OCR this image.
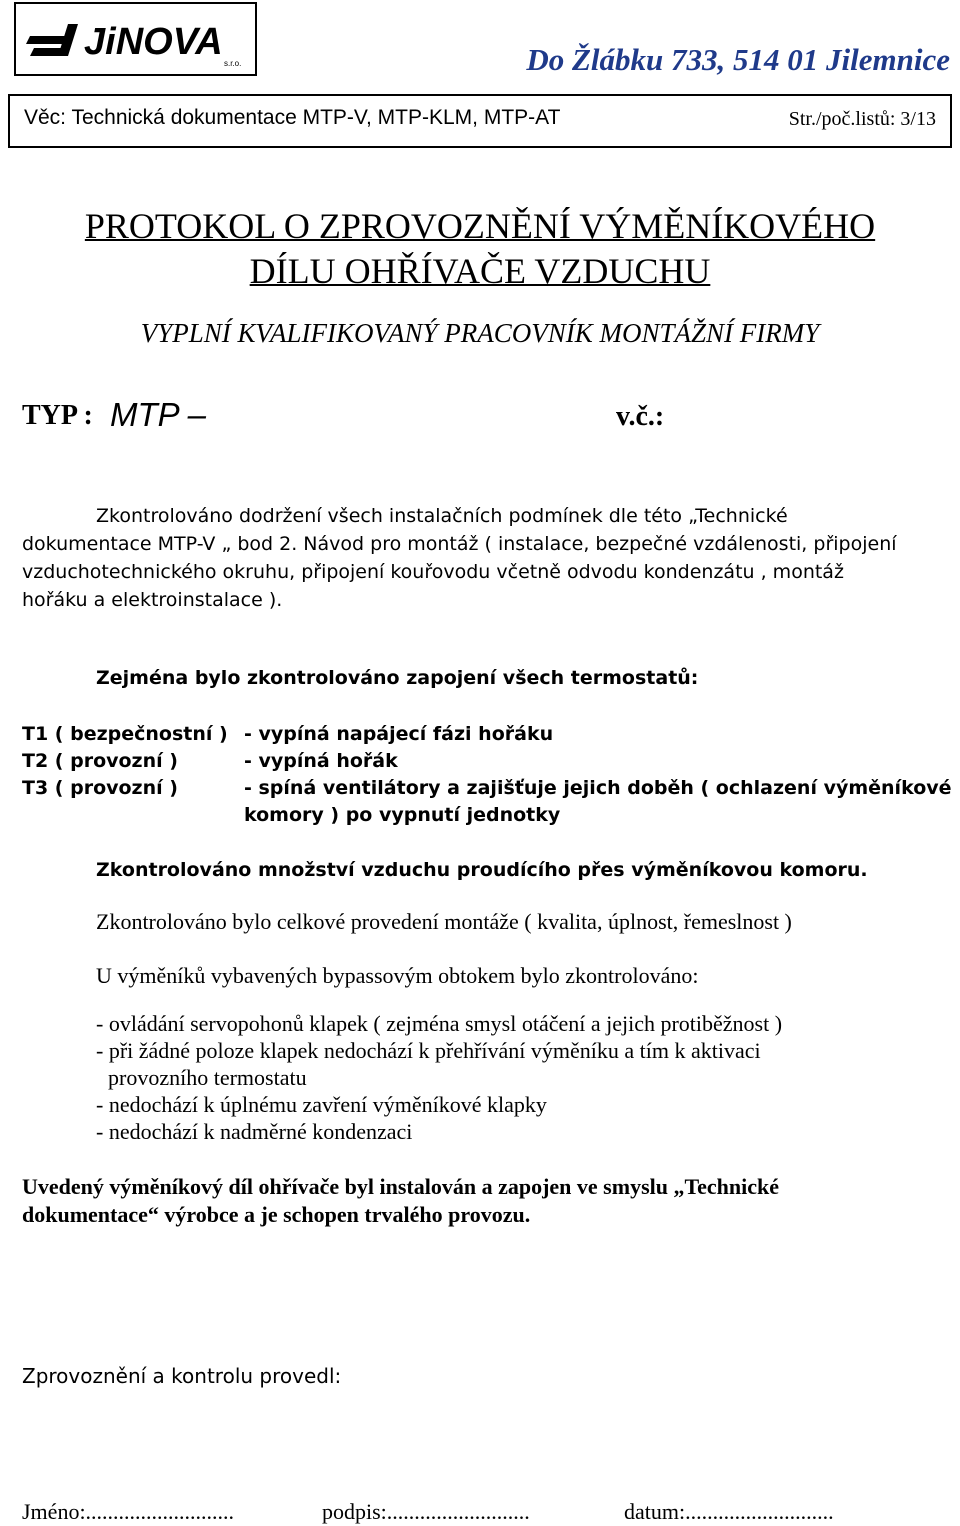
JiNOVA
s.r.o.	Do Žlábku 733, 514 01 Jilemnice
Věc: Technická dokumentace MTP-V, MTP-KLM, MTP-AT	Str./poč.listů: 3/13
PROTOKOL O ZPROVOZNĚNÍ VÝMĚNÍKOVÉHO
DÍLU OHŘÍVAČE VZDUCHU
VYPLNÍ KVALIFIKOVANÝ PRACOVNÍK MONTÁŽNÍ FIRMY
TYP : MTP –	v.č.:
Zkontrolováno dodržení všech instalačních podmínek dle této „Technické
dokumentace MTP-V „ bod 2. Návod pro montáž ( instalace, bezpečné vzdálenosti, připojení
vzduchotechnického okruhu, připojení kouřovodu včetně odvodu kondenzátu , montáž
hořáku a elektroinstalace ).
Zejména bylo zkontrolováno zapojení všech termostatů:
T1 ( bezpečnostní ) - vypíná napájecí fázi hořáku
T2 ( provozní )	- vypíná hořák
T3 ( provozní )	- spíná ventilátory a zajišťuje jejich doběh ( ochlazení výměníkové
komory ) po vypnutí jednotky
Zkontrolováno množství vzduchu proudícího přes výměníkovou komoru.
Zkontrolováno bylo celkové provedení montáže ( kvalita, úplnost, řemeslnost )
U výměníků vybavených bypassovým obtokem bylo zkontrolováno:
- ovládání servopohonů klapek ( zejména smysl otáčení a jejich protiběžnost )
- při žádné poloze klapek nedochází k přehřívání výměníku a tím k aktivaci
provozního termostatu
- nedochází k úplnému zavření výměníkové klapky
- nedochází k nadměrné kondenzaci
Uvedený výměníkový díl ohřívače byl instalován a zapojen ve smyslu „Technické
dokumentace“ výrobce a je schopen trvalého provozu.
Zprovoznění a kontrolu provedl:
Jméno:...........................	podpis:..........................	datum:...........................
